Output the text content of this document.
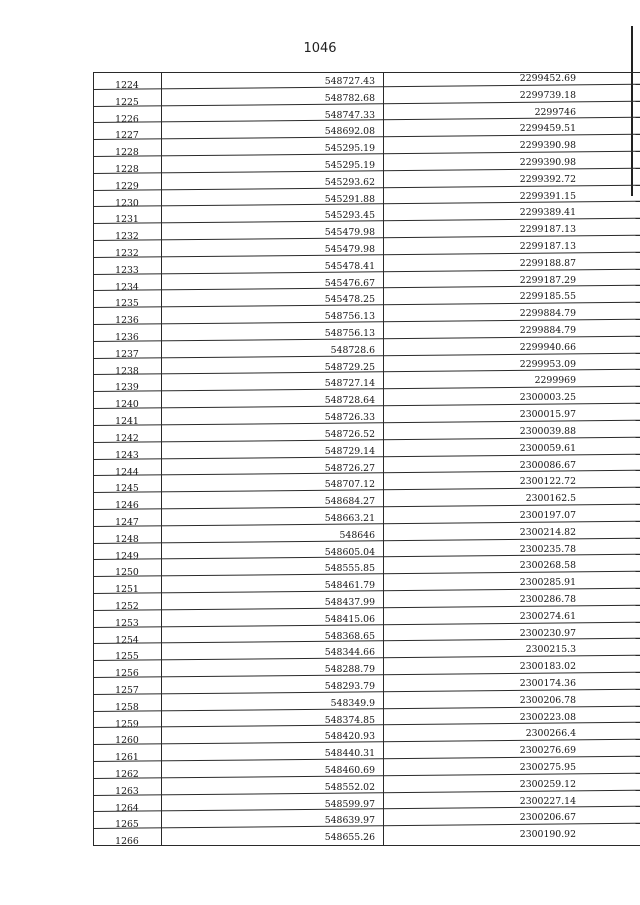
1046
1224	548727.43	2299452.69
1225	548782.68	2299739.18
1226	548747.33	2299746
1227	548692.08	2299459.51
1228	545295.19	2299390.98
1228	545295.19	2299390.98
1229	545293.62	2299392.72
1230	545291.88	2299391.15
1231	545293.45	2299389.41
1232	545479.98	2299187.13
1232	545479.98	2299187.13
1233	545478.41	2299188.87
1234	545476.67	2299187.29
1235	545478.25	2299185.55
1236	548756.13	2299884.79
1236	548756.13	2299884.79
1237	548728.6	2299940.66
1238	548729.25	2299953.09
1239	548727.14	2299969
1240	548728.64	2300003.25
1241	548726.33	2300015.97
1242	548726.52	2300039.88
1243	548729.14	2300059.61
1244	548726.27	2300086.67
1245	548707.12	2300122.72
1246	548684.27	2300162.5
1247	548663.21	2300197.07
1248	548646	2300214.82
1249	548605.04	2300235.78
1250	548555.85	2300268.58
1251	548461.79	2300285.91
1252	548437.99	2300286.78
1253	548415.06	2300274.61
1254	548368.65	2300230.97
1255	548344.66	2300215.3
1256	548288.79	2300183.02
1257	548293.79	2300174.36
1258	548349.9	2300206.78
1259	548374.85	2300223.08
1260	548420.93	2300266.4
1261	548440.31	2300276.69
1262	548460.69	2300275.95
1263	548552.02	2300259.12
1264	548599.97	2300227.14
1265	548639.97	2300206.67
1266	548655.26	2300190.92
